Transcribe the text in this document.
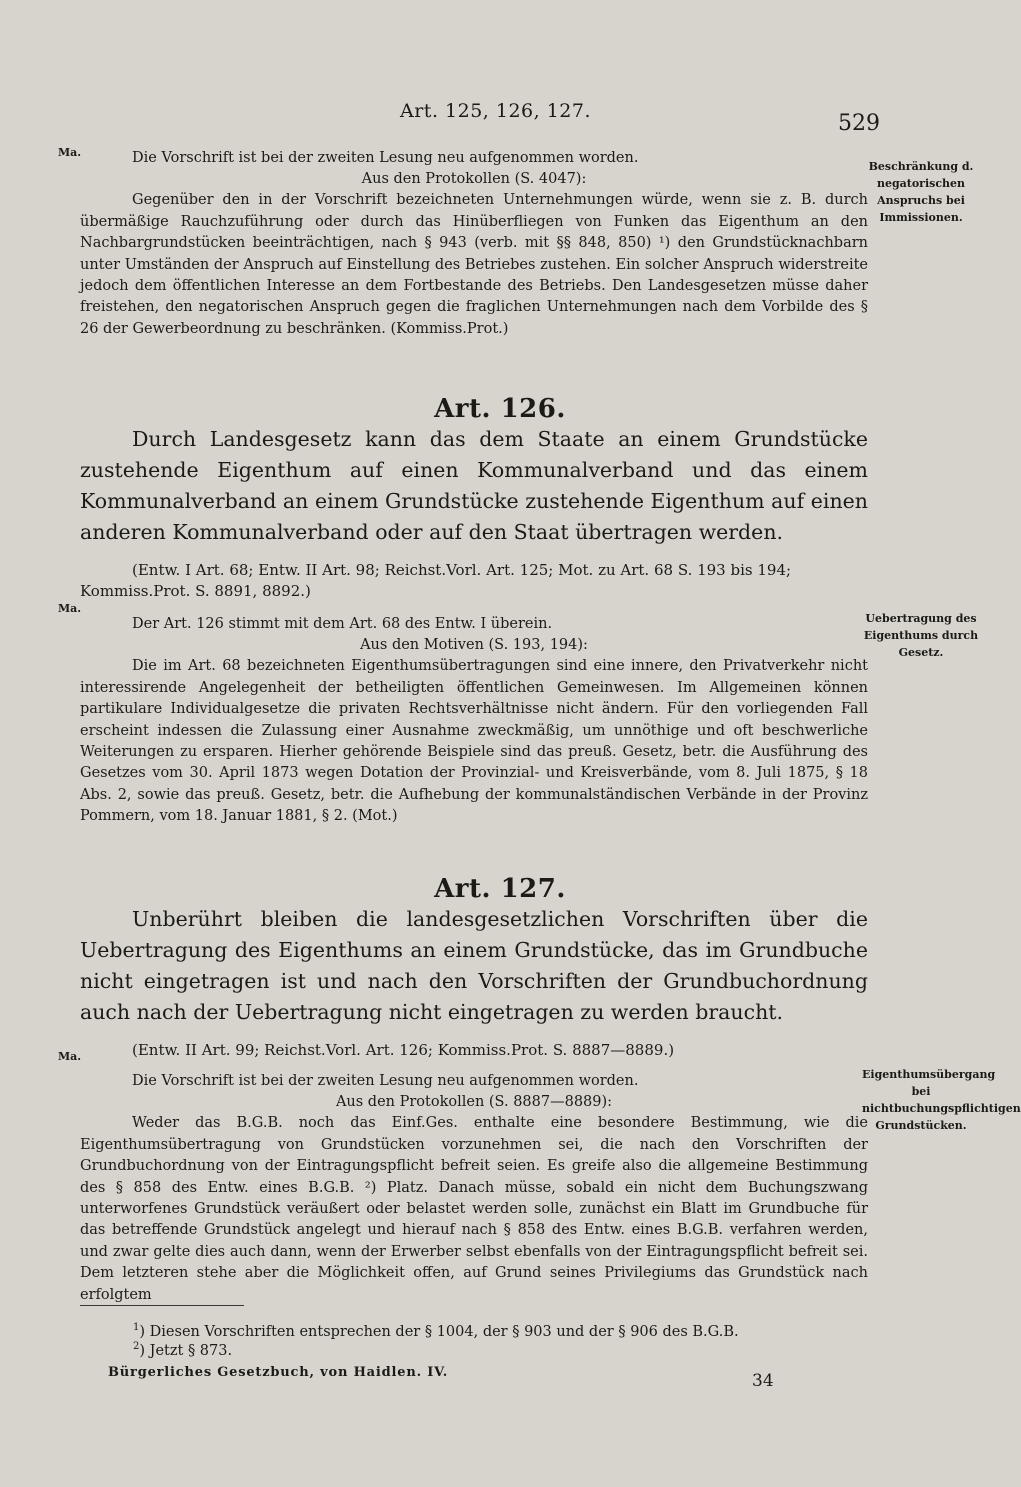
Art. 125, 126, 127.	529
Ma.
Beschränkung d. negatorischen Anspruchs bei Immissionen.

Die Vorschrift ist bei der zweiten Lesung neu aufgenommen worden.

Aus den Protokollen (S. 4047):

Gegenüber den in der Vorschrift bezeichneten Unternehmungen würde, wenn sie z. B. durch übermäßige Rauchzuführung oder durch das Hinüberfliegen von Funken das Eigenthum an den Nachbargrundstücken beeinträchtigen, nach § 943 (verb. mit §§ 848, 850) ¹) den Grundstücknachbarn unter Umständen der Anspruch auf Einstellung des Betriebes zustehen. Ein solcher Anspruch widerstreite jedoch dem öffentlichen Interesse an dem Fortbestande des Betriebs. Den Landesgesetzen müsse daher freistehen, den negatorischen Anspruch gegen die fraglichen Unternehmungen nach dem Vorbilde des § 26 der Gewerbeordnung zu beschränken. (Kommiss.Prot.)

Art. 126.

Durch Landesgesetz kann das dem Staate an einem Grundstücke zustehende Eigenthum auf einen Kommunalverband und das einem Kommunalverband an einem Grundstücke zustehende Eigenthum auf einen anderen Kommunalverband oder auf den Staat übertragen werden.

(Entw. I Art. 68; Entw. II Art. 98; Reichst.Vorl. Art. 125; Mot. zu Art. 68 S. 193 bis 194; Kommiss.Prot. S. 8891, 8892.)

Der Art. 126 stimmt mit dem Art. 68 des Entw. I überein.

Aus den Motiven (S. 193, 194):

Die im Art. 68 bezeichneten Eigenthumsübertragungen sind eine innere, den Privatverkehr nicht interessirende Angelegenheit der betheiligten öffentlichen Gemeinwesen. Im Allgemeinen können partikulare Individualgesetze die privaten Rechtsverhältnisse nicht ändern. Für den vorliegenden Fall erscheint indessen die Zulassung einer Ausnahme zweckmäßig, um unnöthige und oft beschwerliche Weiterungen zu ersparen. Hierher gehörende Beispiele sind das preuß. Gesetz, betr. die Ausführung des Gesetzes vom 30. April 1873 wegen Dotation der Provinzial- und Kreisverbände, vom 8. Juli 1875, § 18 Abs. 2, sowie das preuß. Gesetz, betr. die Aufhebung der kommunalständischen Verbände in der Provinz Pommern, vom 18. Januar 1881, § 2. (Mot.)

Ma.
Uebertragung des Eigenthums durch Gesetz.
Art. 127.

Unberührt bleiben die landesgesetzlichen Vorschriften über die Uebertragung des Eigenthums an einem Grundstücke, das im Grundbuche nicht eingetragen ist und nach den Vorschriften der Grundbuchordnung auch nach der Uebertragung nicht eingetragen zu werden braucht.

(Entw. II Art. 99; Reichst.Vorl. Art. 126; Kommiss.Prot. S. 8887—8889.)

Die Vorschrift ist bei der zweiten Lesung neu aufgenommen worden.

Aus den Protokollen (S. 8887—8889):

Weder das B.G.B. noch das Einf.Ges. enthalte eine besondere Bestimmung, wie die Eigenthumsübertragung von Grundstücken vorzunehmen sei, die nach den Vorschriften der Grundbuchordnung von der Eintragungspflicht befreit seien. Es greife also die allgemeine Bestimmung des § 858 des Entw. eines B.G.B. ²) Platz. Danach müsse, sobald ein nicht dem Buchungszwang unterworfenes Grundstück veräußert oder belastet werden solle, zunächst ein Blatt im Grundbuche für das betreffende Grundstück angelegt und hierauf nach § 858 des Entw. eines B.G.B. verfahren werden, und zwar gelte dies auch dann, wenn der Erwerber selbst ebenfalls von der Eintragungspflicht befreit sei. Dem letzteren stehe aber die Möglichkeit offen, auf Grund seines Privilegiums das Grundstück nach erfolgtem

Ma.
Eigenthumsübergang bei nichtbuchungspflichtigen Grundstücken.
$^1$) Diesen Vorschriften entsprechen der § 1004, der § 903 und der § 906 des B.G.B.
$^2$) Jetzt § 873.
Bürgerliches Gesetzbuch, von Haidlen. IV.	34
